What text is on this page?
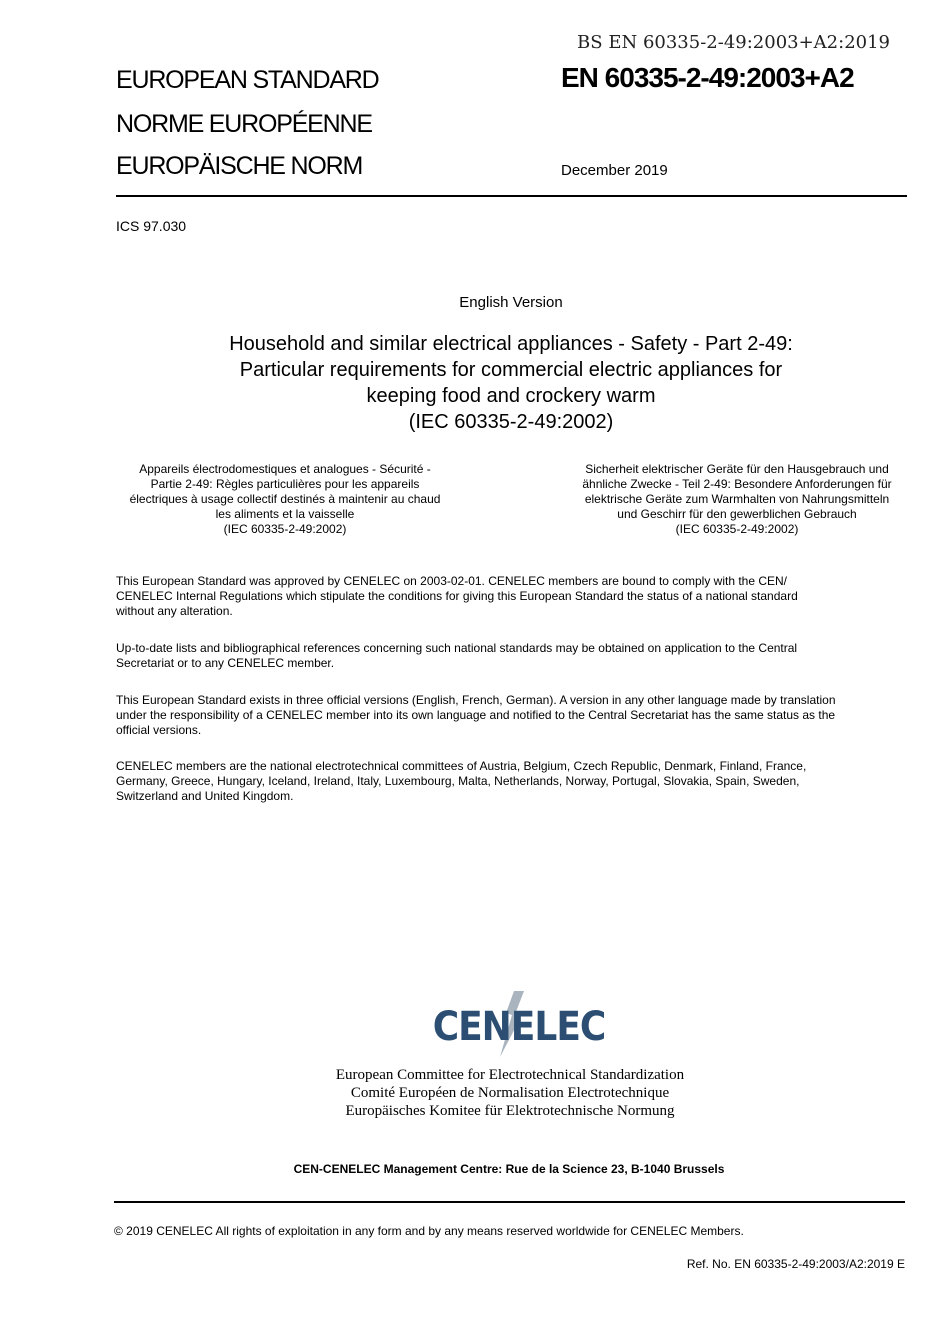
BS EN 60335-2-49:2003+A2:2019
EUROPEAN STANDARD
NORME EUROPÉENNE
EUROPÄISCHE NORM
EN 60335-2-49:2003+A2
December 2019
ICS 97.030
English Version
Household and similar electrical appliances - Safety - Part 2-49:
Particular requirements for commercial electric appliances for
keeping food and crockery warm
(IEC 60335-2-49:2002)
Appareils électrodomestiques et analogues - Sécurité -
Partie 2-49: Règles particulières pour les appareils
électriques à usage collectif destinés à maintenir au chaud
les aliments et la vaisselle
(IEC 60335-2-49:2002)
Sicherheit elektrischer Geräte für den Hausgebrauch und
ähnliche Zwecke - Teil 2-49: Besondere Anforderungen für
elektrische Geräte zum Warmhalten von Nahrungsmitteln
und Geschirr für den gewerblichen Gebrauch
(IEC 60335-2-49:2002)
This European Standard was approved by CENELEC on 2003-02-01. CENELEC members are bound to comply with the CEN/
CENELEC Internal Regulations which stipulate the conditions for giving this European Standard the status of a national standard
without any alteration.
Up-to-date lists and bibliographical references concerning such national standards may be obtained on application to the Central
Secretariat or to any CENELEC member.
This European Standard exists in three official versions (English, French, German). A version in any other language made by translation
under the responsibility of a CENELEC member into its own language and notified to the Central Secretariat has the same status as the
official versions.
CENELEC members are the national electrotechnical committees of Austria, Belgium, Czech Republic, Denmark, Finland, France,
Germany, Greece, Hungary, Iceland, Ireland, Italy, Luxembourg, Malta, Netherlands, Norway, Portugal, Slovakia, Spain, Sweden,
Switzerland and United Kingdom.
CENELEC
European Committee for Electrotechnical Standardization
Comité Européen de Normalisation Electrotechnique
Europäisches Komitee für Elektrotechnische Normung
CEN-CENELEC Management Centre: Rue de la Science 23, B-1040 Brussels
© 2019 CENELEC All rights of exploitation in any form and by any means reserved worldwide for CENELEC Members.
Ref. No. EN 60335-2-49:2003/A2:2019 E
